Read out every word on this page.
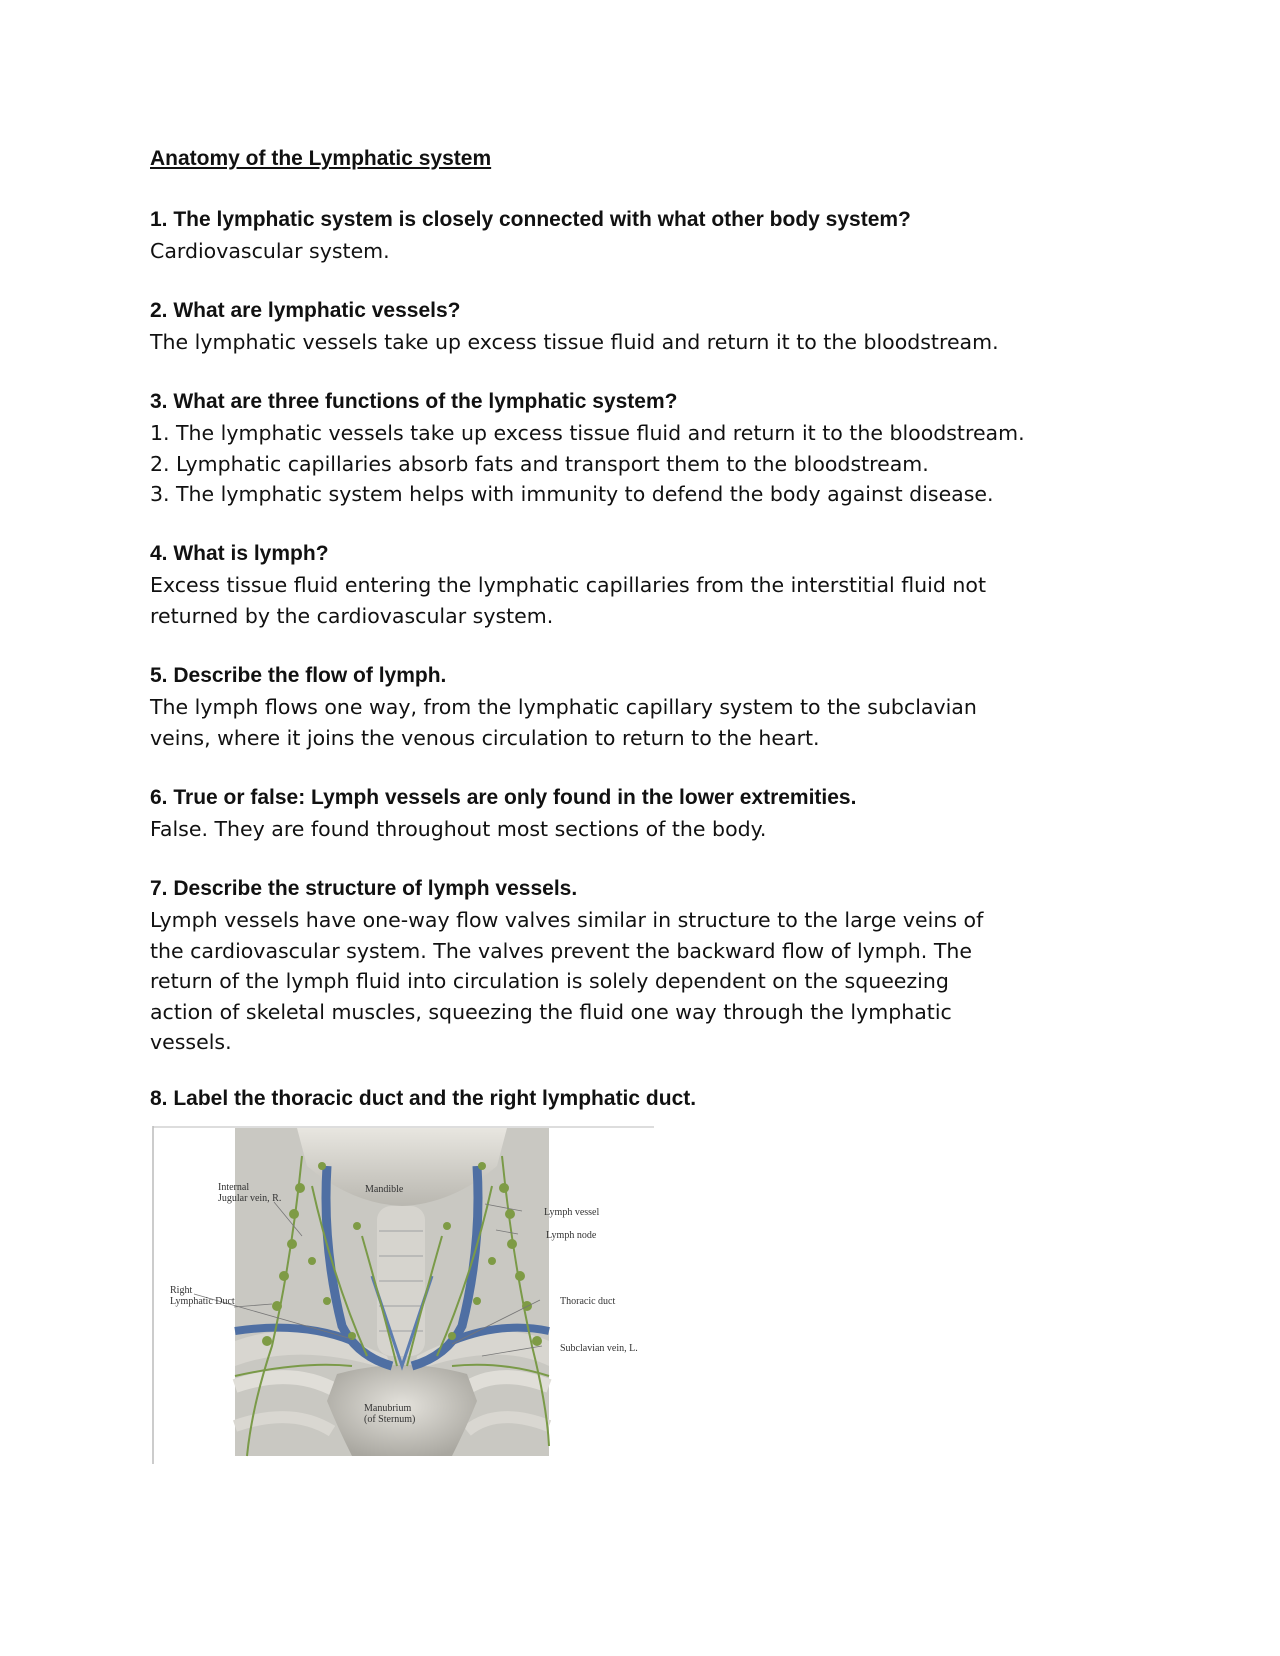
Anatomy of the Lymphatic system
1. The lymphatic system is closely connected with what other body system?
Cardiovascular system.
2. What are lymphatic vessels?
The lymphatic vessels take up excess tissue fluid and return it to the bloodstream.
3. What are three functions of the lymphatic system?
1. The lymphatic vessels take up excess tissue fluid and return it to the bloodstream.
2. Lymphatic capillaries absorb fats and transport them to the bloodstream.
3. The lymphatic system helps with immunity to defend the body against disease.
4. What is lymph?
Excess tissue fluid entering the lymphatic capillaries from the interstitial fluid not
returned by the cardiovascular system.
5. Describe the flow of lymph.
The lymph flows one way, from the lymphatic capillary system to the subclavian
veins, where it joins the venous circulation to return to the heart.
6. True or false: Lymph vessels are only found in the lower extremities.
False. They are found throughout most sections of the body.
7. Describe the structure of lymph vessels.
Lymph vessels have one-way flow valves similar in structure to the large veins of
the cardiovascular system. The valves prevent the backward flow of lymph. The
return of the lymph fluid into circulation is solely dependent on the squeezing
action of skeletal muscles, squeezing the fluid one way through the lymphatic
vessels.
8. Label the thoracic duct and the right lymphatic duct.
Internal
Jugular vein, R.
Mandible
Right
Lymphatic Duct
Lymph vessel
Lymph node
Thoracic duct
Subclavian vein, L.
Manubrium
(of Sternum)
